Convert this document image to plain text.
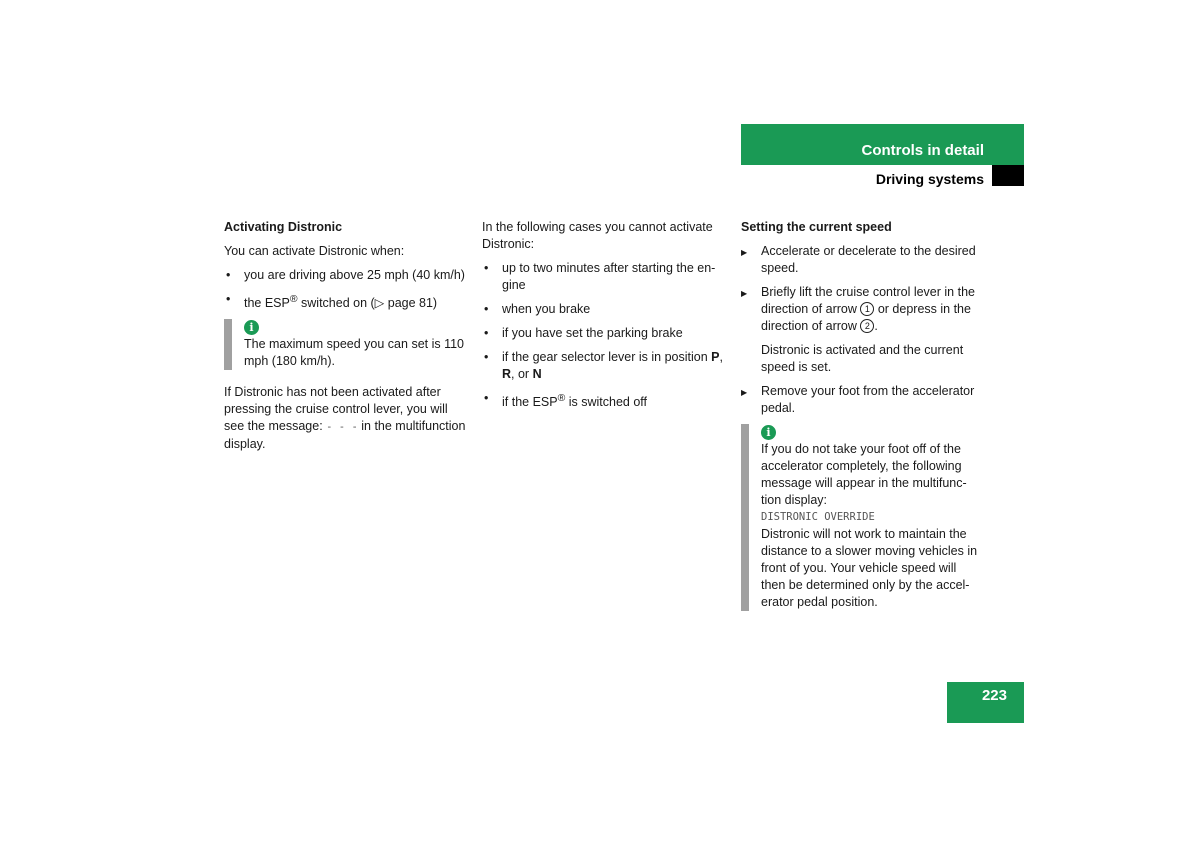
Controls in detail
Driving systems

Activating Distronic

You can activate Distronic when:

• you are driving above 25 mph (40 km/h)
• the ESP® switched on (▷ page 81)
i

The maximum speed you can set is 110 mph (180 km/h).

If Distronic has not been activated after pressing the cruise control lever, you will see the message: - - - in the multifunction display.

In the following cases you cannot activate Distronic:

• up to two minutes after starting the en-gine
• when you brake
• if you have set the parking brake
• if the gear selector lever is in position P, R, or N
• if the ESP® is switched off

Setting the current speed

▶ Accelerate or decelerate to the desired speed.
▶ Briefly lift the cruise control lever in the direction of arrow 1 or depress in the direction of arrow 2 .

Distronic is activated and the current speed is set.

▶ Remove your foot from the accelerator pedal.
i

If you do not take your foot off of the accelerator completely, the following message will appear in the multifunc-tion display:

DISTRONIC OVERRIDE

Distronic will not work to maintain the distance to a slower moving vehicles in front of you. Your vehicle speed will then be determined only by the accel-erator pedal position.

223
